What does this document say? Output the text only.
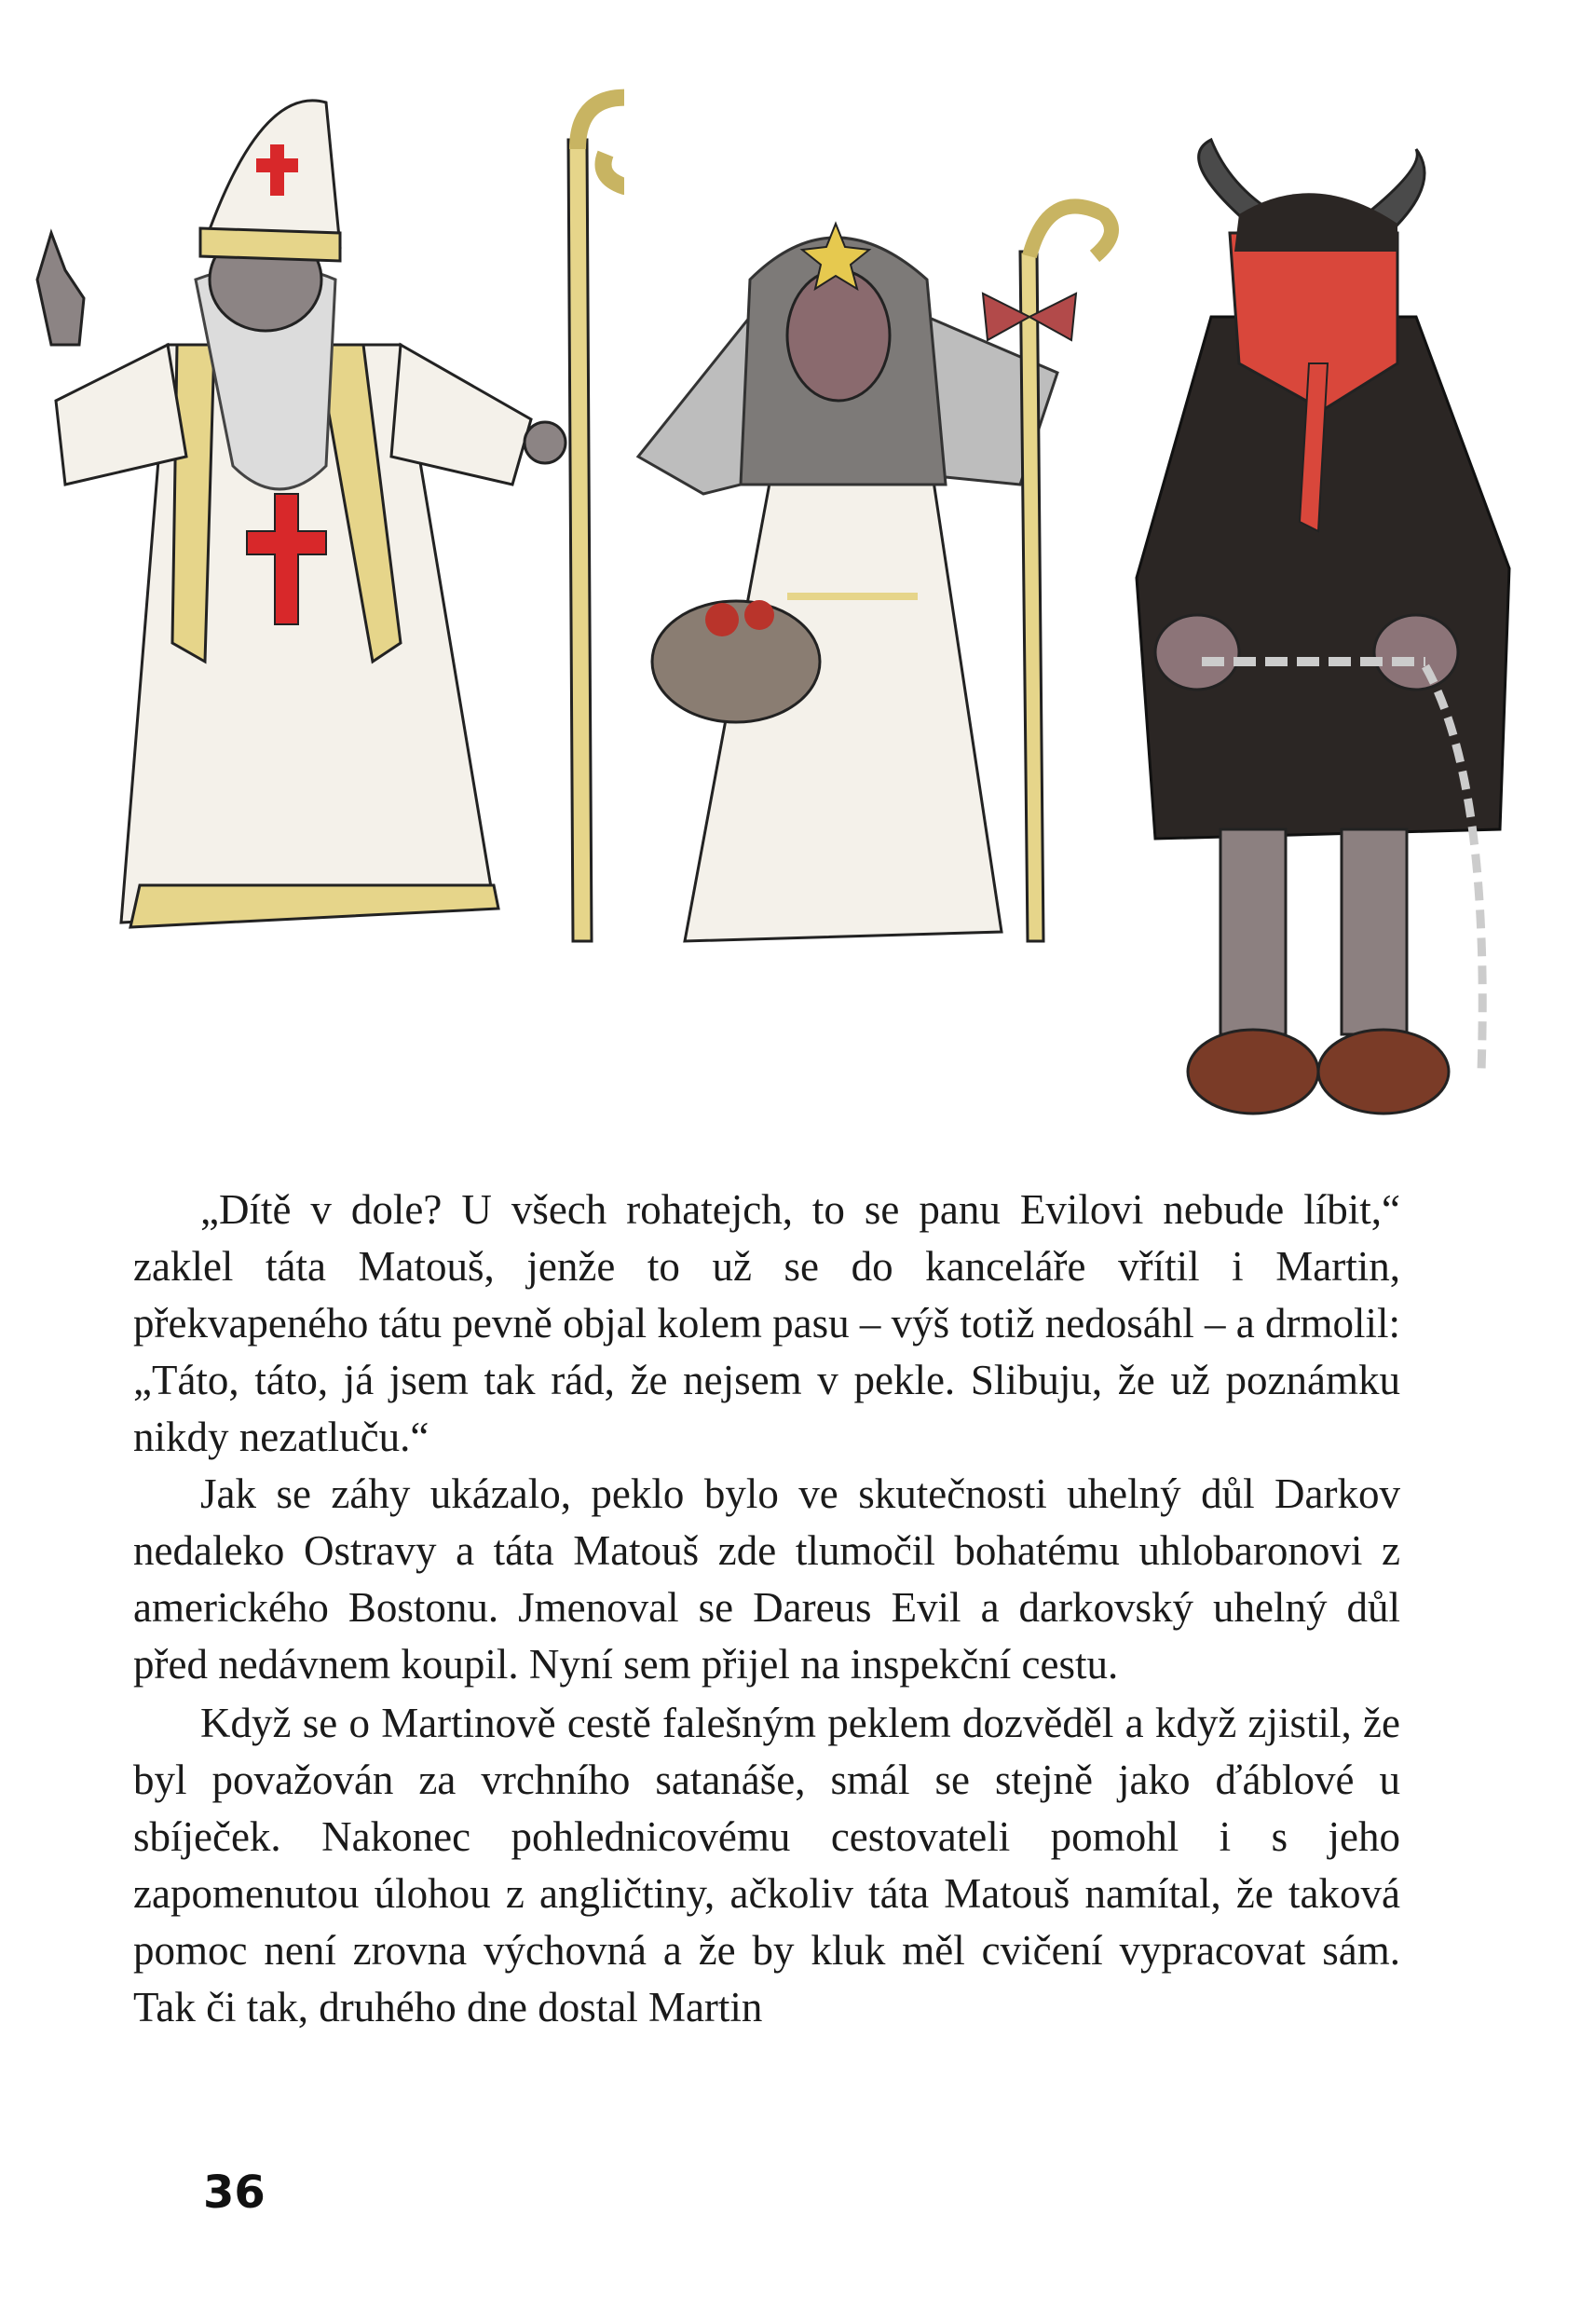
„Dítě v dole? U všech rohatejch, to se panu Evilovi nebude líbit,“ zaklel táta Matouš, jenže to už se do kanceláře vřítil i Martin, překvapeného tátu pevně objal kolem pasu – výš totiž nedosáhl – a drmolil: „Táto, táto, já jsem tak rád, že nejsem v pekle. Slibuju, že už poznámku nikdy nezatluču.“

Jak se záhy ukázalo, peklo bylo ve skutečnosti uhelný důl Darkov nedaleko Ostravy a táta Matouš zde tlumočil bohatému uhlobaronovi z amerického Bostonu. Jmenoval se Dareus Evil a darkovský uhelný důl před nedávnem koupil. Nyní sem přijel na inspekční cestu.

Když se o Martinově cestě falešným peklem dozvěděl a když zjistil, že byl považován za vrchního satanáše, smál se stejně jako ďáblové u sbíječek. Nakonec pohlednicovému cestovateli pomohl i s jeho zapomenutou úlohou z angličtiny, ačkoliv táta Matouš namítal, že taková pomoc není zrovna výchovná a že by kluk měl cvičení vypracovat sám. Tak či tak, druhého dne dostal Martin

36
